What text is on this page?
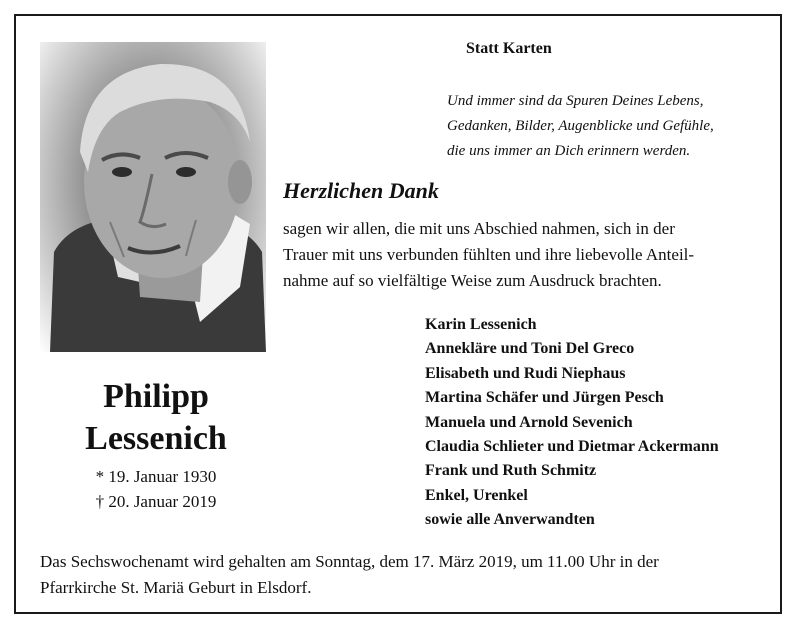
Statt Karten
Und immer sind da Spuren Deines Lebens,
Gedanken, Bilder, Augenblicke und Gefühle,
die uns immer an Dich erinnern werden.
Herzlichen Dank
sagen wir allen, die mit uns Abschied nahmen, sich in der
Trauer mit uns verbunden fühlten und ihre liebevolle Anteil-
nahme auf so vielfältige Weise zum Ausdruck brachten.
Karin Lessenich
Annekläre und Toni Del Greco
Elisabeth und Rudi Niephaus
Martina Schäfer und Jürgen Pesch
Manuela und Arnold Sevenich
Claudia Schlieter und Dietmar Ackermann
Frank und Ruth Schmitz
Enkel, Urenkel
sowie alle Anverwandten
Philipp
Lessenich
* 19. Januar 1930
† 20. Januar 2019
Das Sechswochenamt wird gehalten am Sonntag, dem 17. März 2019, um 11.00 Uhr in der
Pfarrkirche St. Mariä Geburt in Elsdorf.
